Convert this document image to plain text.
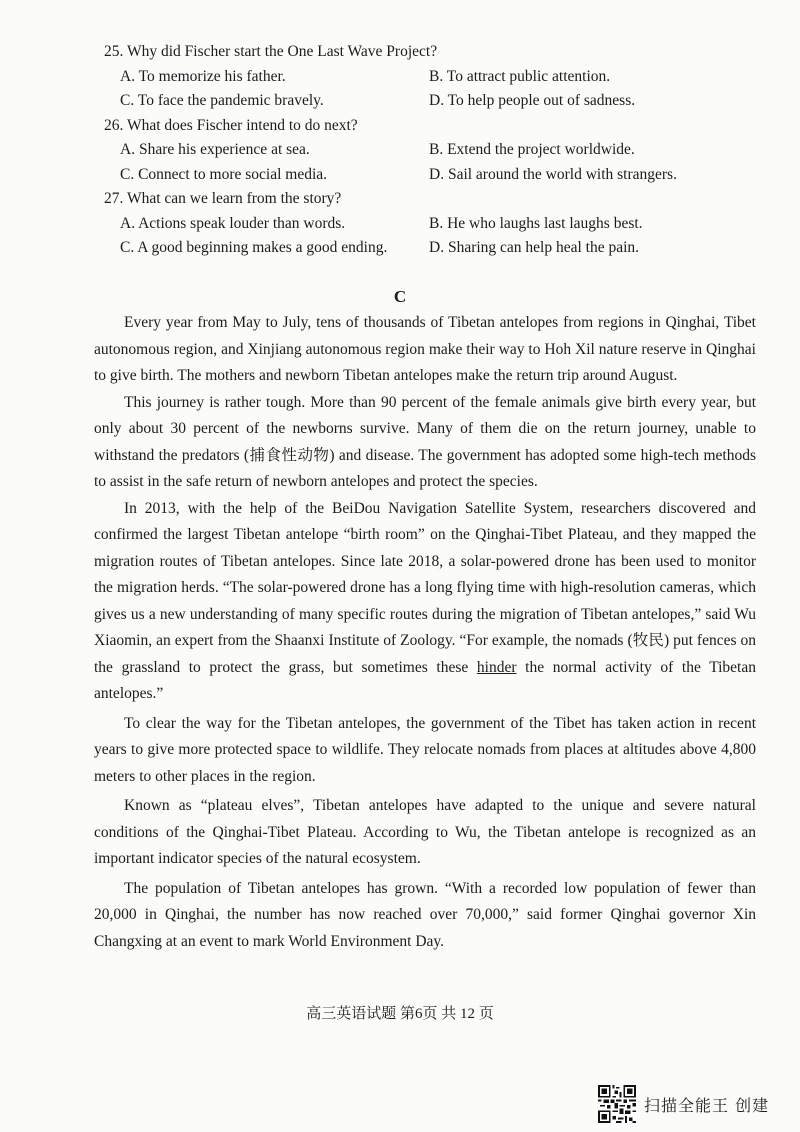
25. Why did Fischer start the One Last Wave Project?
A. To memorize his father.	B. To attract public attention.
C. To face the pandemic bravely.	D. To help people out of sadness.
26. What does Fischer intend to do next?
A. Share his experience at sea.	B. Extend the project worldwide.
C. Connect to more social media.	D. Sail around the world with strangers.
27. What can we learn from the story?
A. Actions speak louder than words.	B. He who laughs last laughs best.
C. A good beginning makes a good ending.	D. Sharing can help heal the pain.
C

Every year from May to July, tens of thousands of Tibetan antelopes from regions in Qinghai, Tibet autonomous region, and Xinjiang autonomous region make their way to Hoh Xil nature reserve in Qinghai to give birth. The mothers and newborn Tibetan antelopes make the return trip around August.

This journey is rather tough. More than 90 percent of the female animals give birth every year, but only about 30 percent of the newborns survive. Many of them die on the return journey, unable to withstand the predators (捕食性动物) and disease. The government has adopted some high-tech methods to assist in the safe return of newborn antelopes and protect the species.

In 2013, with the help of the BeiDou Navigation Satellite System, researchers discovered and confirmed the largest Tibetan antelope “birth room” on the Qinghai-Tibet Plateau, and they mapped the migration routes of Tibetan antelopes. Since late 2018, a solar-powered drone has been used to monitor the migration herds. “The solar-powered drone has a long flying time with high-resolution cameras, which gives us a new understanding of many specific routes during the migration of Tibetan antelopes,” said Wu Xiaomin, an expert from the Shaanxi Institute of Zoology. “For example, the nomads (牧民) put fences on the grassland to protect the grass, but sometimes these hinder the normal activity of the Tibetan antelopes.”

To clear the way for the Tibetan antelopes, the government of the Tibet has taken action in recent years to give more protected space to wildlife. They relocate nomads from places at altitudes above 4,800 meters to other places in the region.

Known as “plateau elves”, Tibetan antelopes have adapted to the unique and severe natural conditions of the Qinghai-Tibet Plateau. According to Wu, the Tibetan antelope is recognized as an important indicator species of the natural ecosystem.

The population of Tibetan antelopes has grown. “With a recorded low population of fewer than 20,000 in Qinghai, the number has now reached over 70,000,” said former Qinghai governor Xin Changxing at an event to mark World Environment Day.

高三英语试题 第6页 共 12 页
扫描全能王 创建
